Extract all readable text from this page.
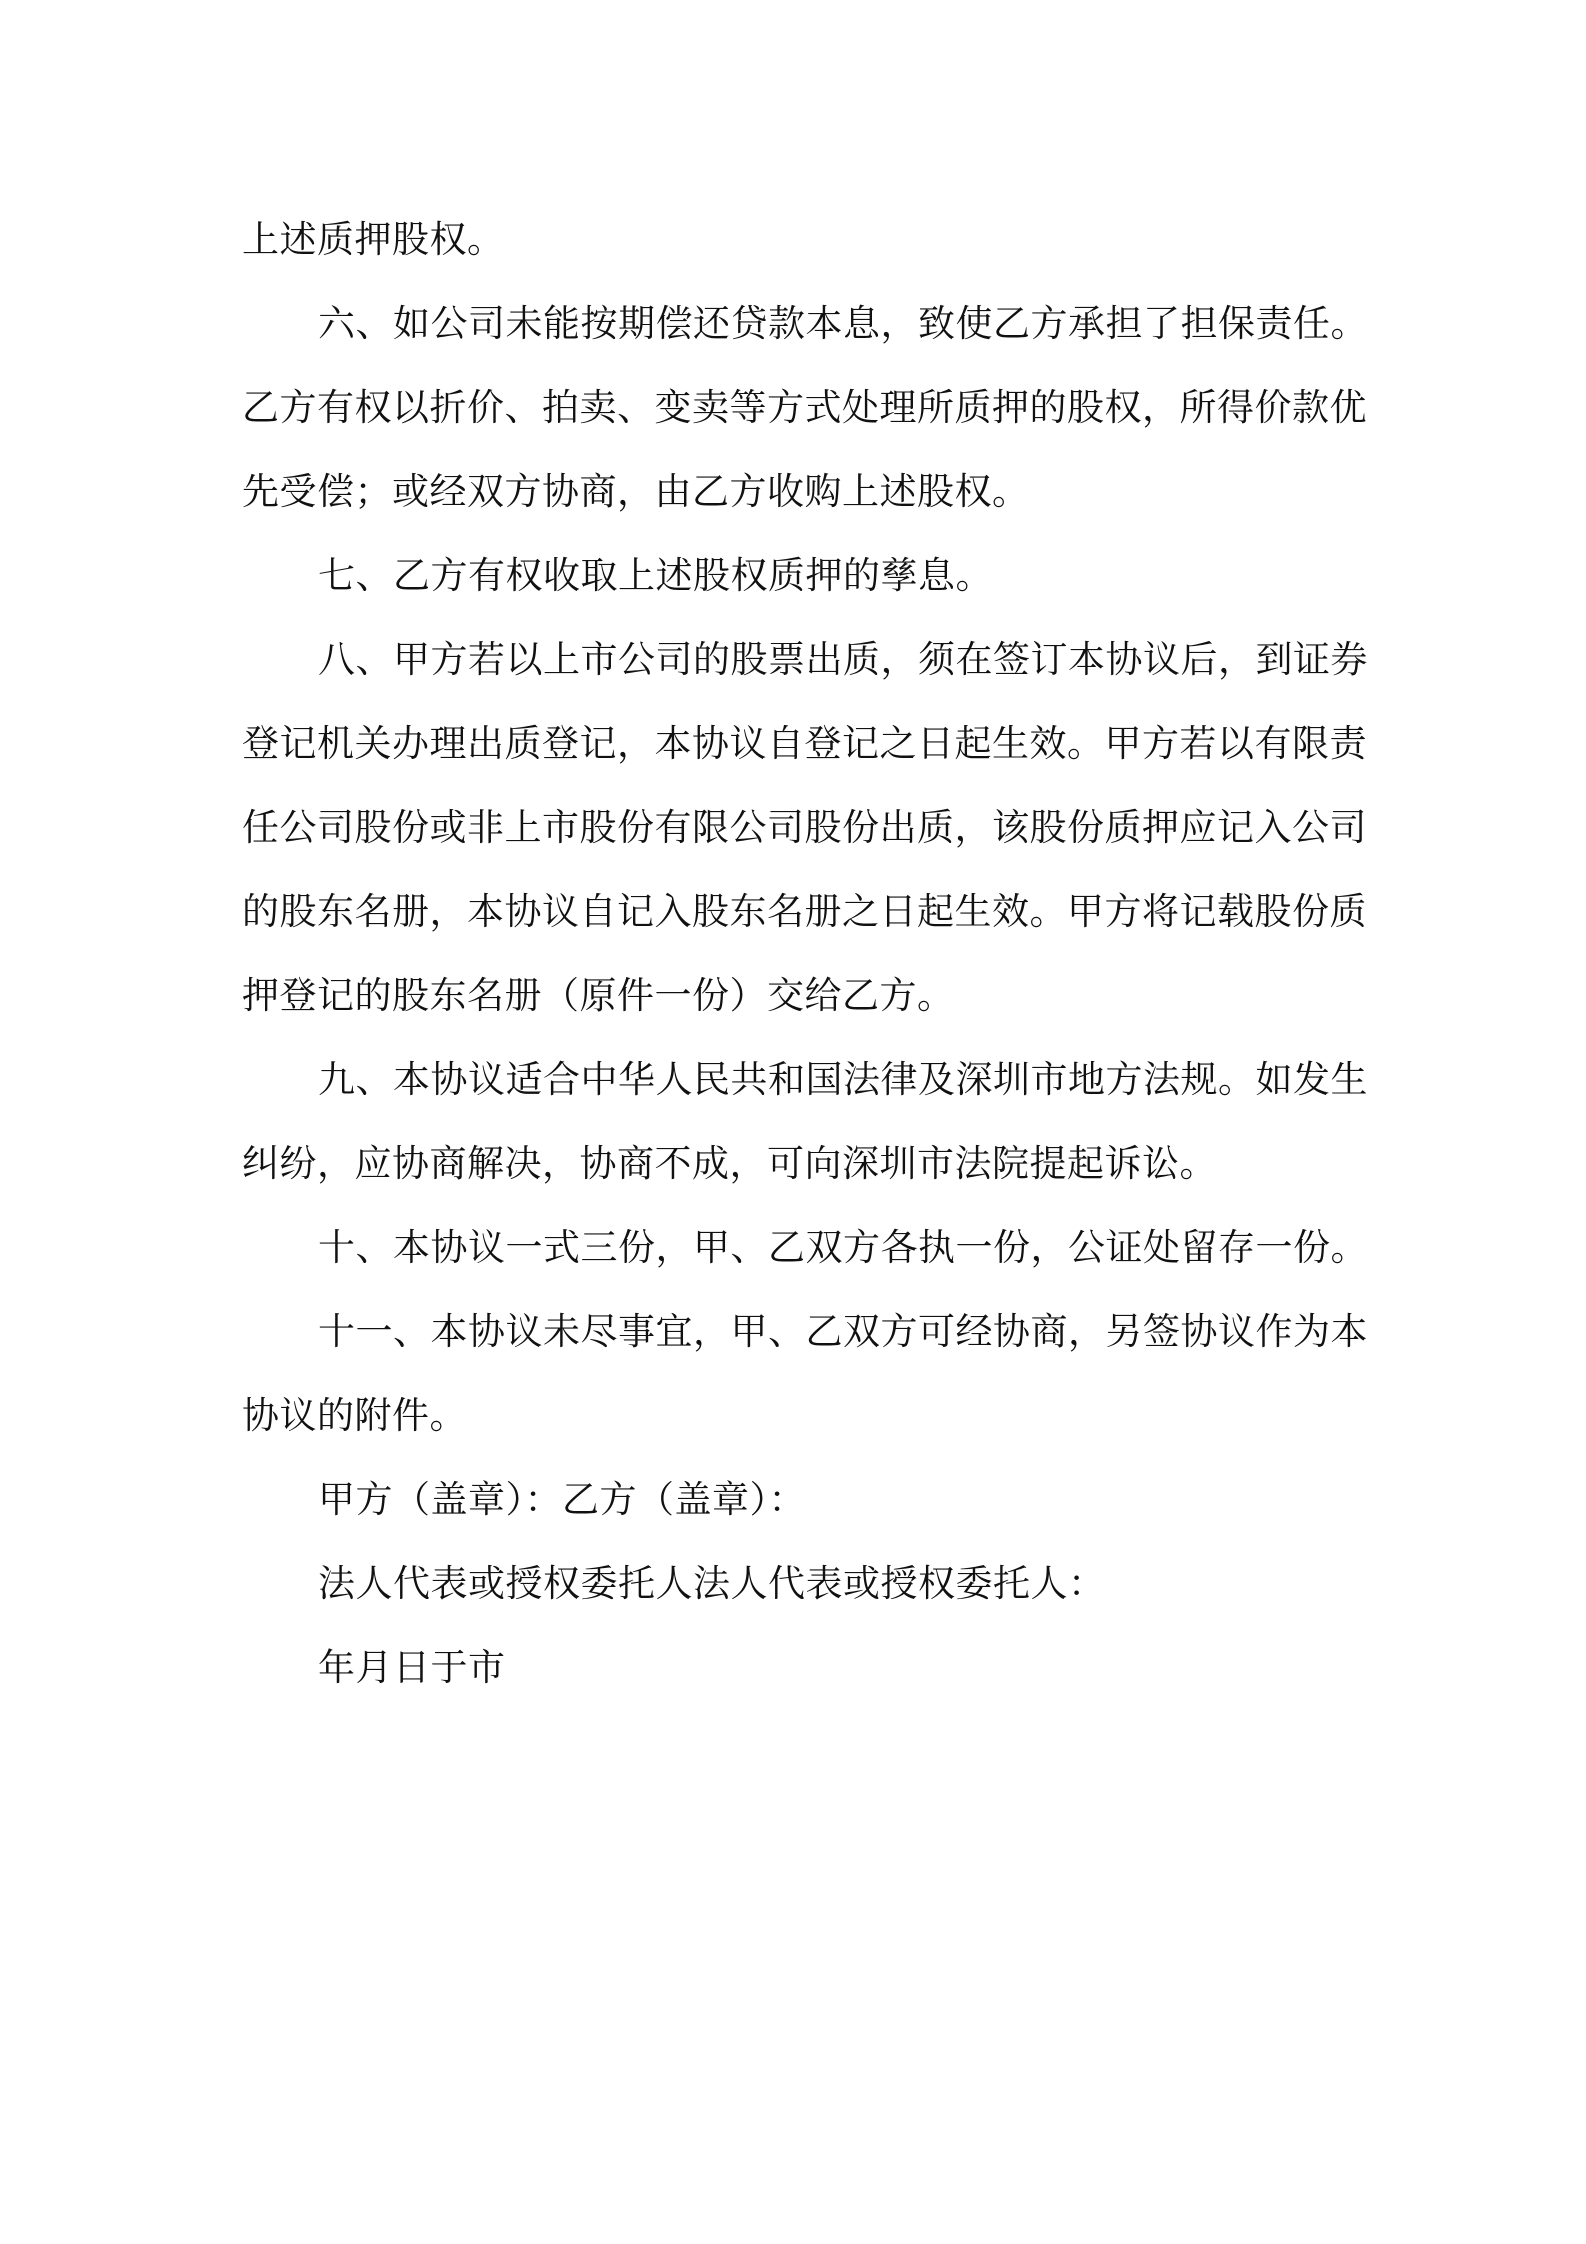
上述质押股权。
六、如公司未能按期偿还贷款本息，致使乙方承担了担保责任。
乙方有权以折价、拍卖、变卖等方式处理所质押的股权，所得价款优
先受偿；或经双方协商，由乙方收购上述股权。
七、乙方有权收取上述股权质押的孳息。
八、甲方若以上市公司的股票出质，须在签订本协议后，到证券
登记机关办理出质登记，本协议自登记之日起生效。甲方若以有限责
任公司股份或非上市股份有限公司股份出质，该股份质押应记入公司
的股东名册，本协议自记入股东名册之日起生效。甲方将记载股份质
押登记的股东名册（原件一份）交给乙方。
九、本协议适合中华人民共和国法律及深圳市地方法规。如发生
纠纷，应协商解决，协商不成，可向深圳市法院提起诉讼。
十、本协议一式三份，甲、乙双方各执一份，公证处留存一份。
十一、本协议未尽事宜，甲、乙双方可经协商，另签协议作为本
协议的附件。
甲方（盖章）：乙方（盖章）：
法人代表或授权委托人法人代表或授权委托人：
年月日于市
